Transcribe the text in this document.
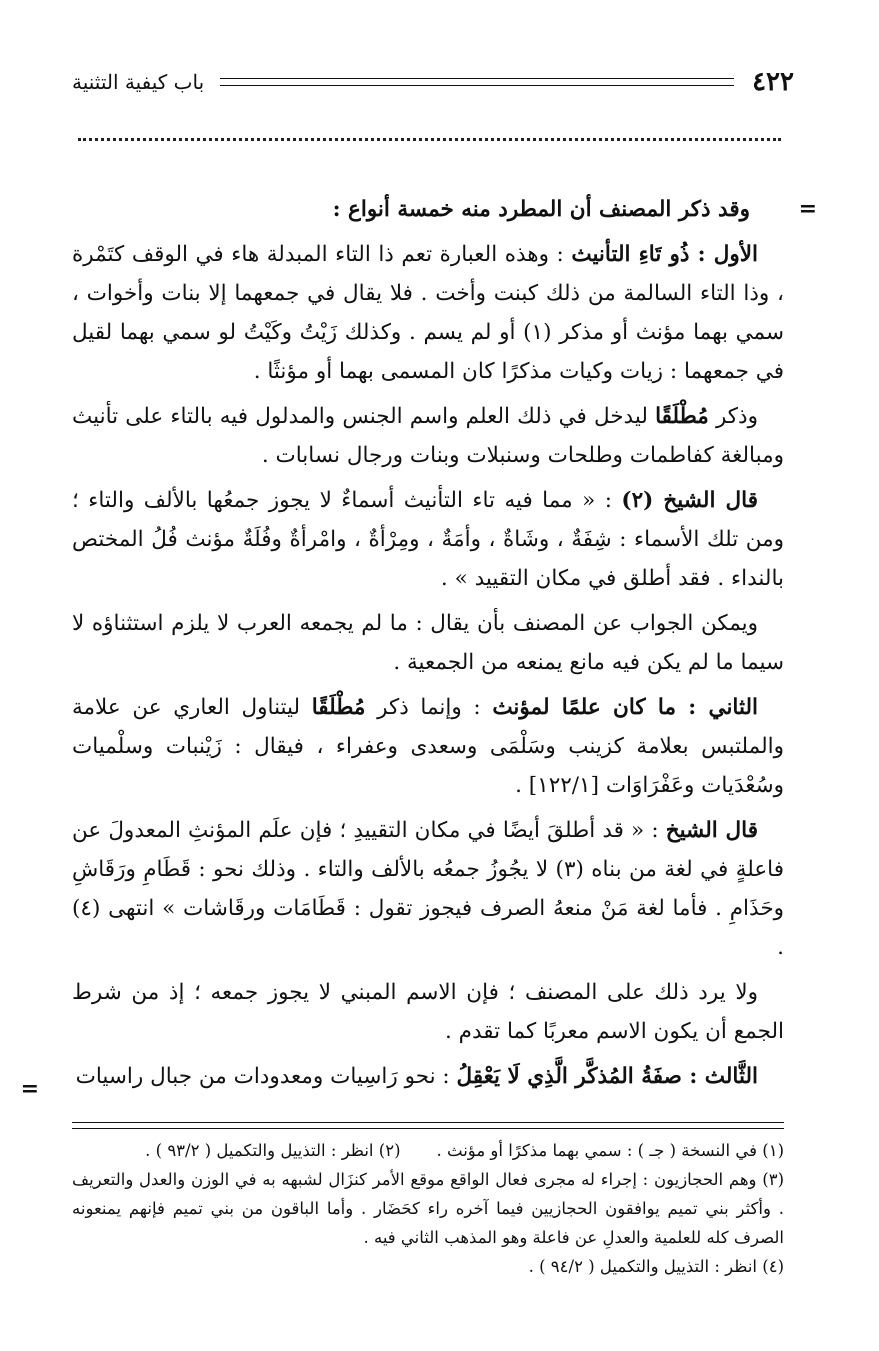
٤٢٢
باب كيفية التثنية
=
=

وقد ذكر المصنف أن المطرد منه خمسة أنواع :

الأول : ذُو تَاءِ التأنيث : وهذه العبارة تعم ذا التاء المبدلة هاء في الوقف كتَمْرة ، وذا التاء السالمة من ذلك كبنت وأخت . فلا يقال في جمعهما إلا بنات وأخوات ، سمي بهما مؤنث أو مذكر (١) أو لم يسم . وكذلك زَيْتُ وكَيْتُ لو سمي بهما لقيل في جمعهما : زيات وكيات مذكرًا كان المسمى بهما أو مؤنثًا .

وذكر مُطْلَقًا ليدخل في ذلك العلم واسم الجنس والمدلول فيه بالتاء على تأنيث ومبالغة كفاطمات وطلحات وسنبلات وبنات ورجال نسابات .

قال الشيخ (٢) : « مما فيه تاء التأنيث أسماءٌ لا يجوز جمعُها بالألف والتاء ؛ ومن تلك الأسماء : شِفَةٌ ، وشَاةٌ ، وأمَةٌ ، ومِرْأةٌ ، وامْرأةٌ وفُلَةٌ مؤنث فُلُ المختص بالنداء . فقد أطلق في مكان التقييد » .

ويمكن الجواب عن المصنف بأن يقال : ما لم يجمعه العرب لا يلزم استثناؤه لا سيما ما لم يكن فيه مانع يمنعه من الجمعية .

الثاني : ما كان علمًا لمؤنث : وإنما ذكر مُطْلَقًا ليتناول العاري عن علامة والملتبس بعلامة كزينب وسَلْمَى وسعدى وعفراء ، فيقال : زَيْنبات وسلْميات وسُعْدَيات وعَفْرَاوَات [١٢٢/١] .

قال الشيخ : « قد أطلقَ أيضًا في مكان التقييدِ ؛ فإن علَم المؤنثِ المعدولَ عن فاعلةٍ في لغة من بناه (٣) لا يجُوزُ جمعُه بالألف والتاء . وذلك نحو : قَطَامِ ورَقَاشِ وحَذَامِ . فأما لغة مَنْ منعهُ الصرف فيجوز تقول : قَطَامَات ورقَاشات » انتهى (٤) .

ولا يرد ذلك على المصنف ؛ فإن الاسم المبني لا يجوز جمعه ؛ إذ من شرط الجمع أن يكون الاسم معربًا كما تقدم .

الثَّالث : صفَةُ المُذكَّر الَّذِي لَا يَعْقِلُ : نحو رَاسِيات ومعدودات من جبال راسيات

(١) في النسخة ( جـ ) : سمي بهما مذكرًا أو مؤنث .
(٢) انظر : التذييل والتكميل ( ٩٣/٢ ) .

(٣) وهم الحجازيون : إجراء له مجرى فعال الواقع موقع الأمر كنزَال لشبهه به في الوزن والعدل والتعريف . وأكثر بني تميم يوافقون الحجازيين فيما آخره راء كحَضَار . وأما الباقون من بني تميم فإنهم يمنعونه الصرف كله للعلمية والعدلِ عن فاعلة وهو المذهب الثاني فيه .

(٤) انظر : التذييل والتكميل ( ٩٤/٢ ) .
